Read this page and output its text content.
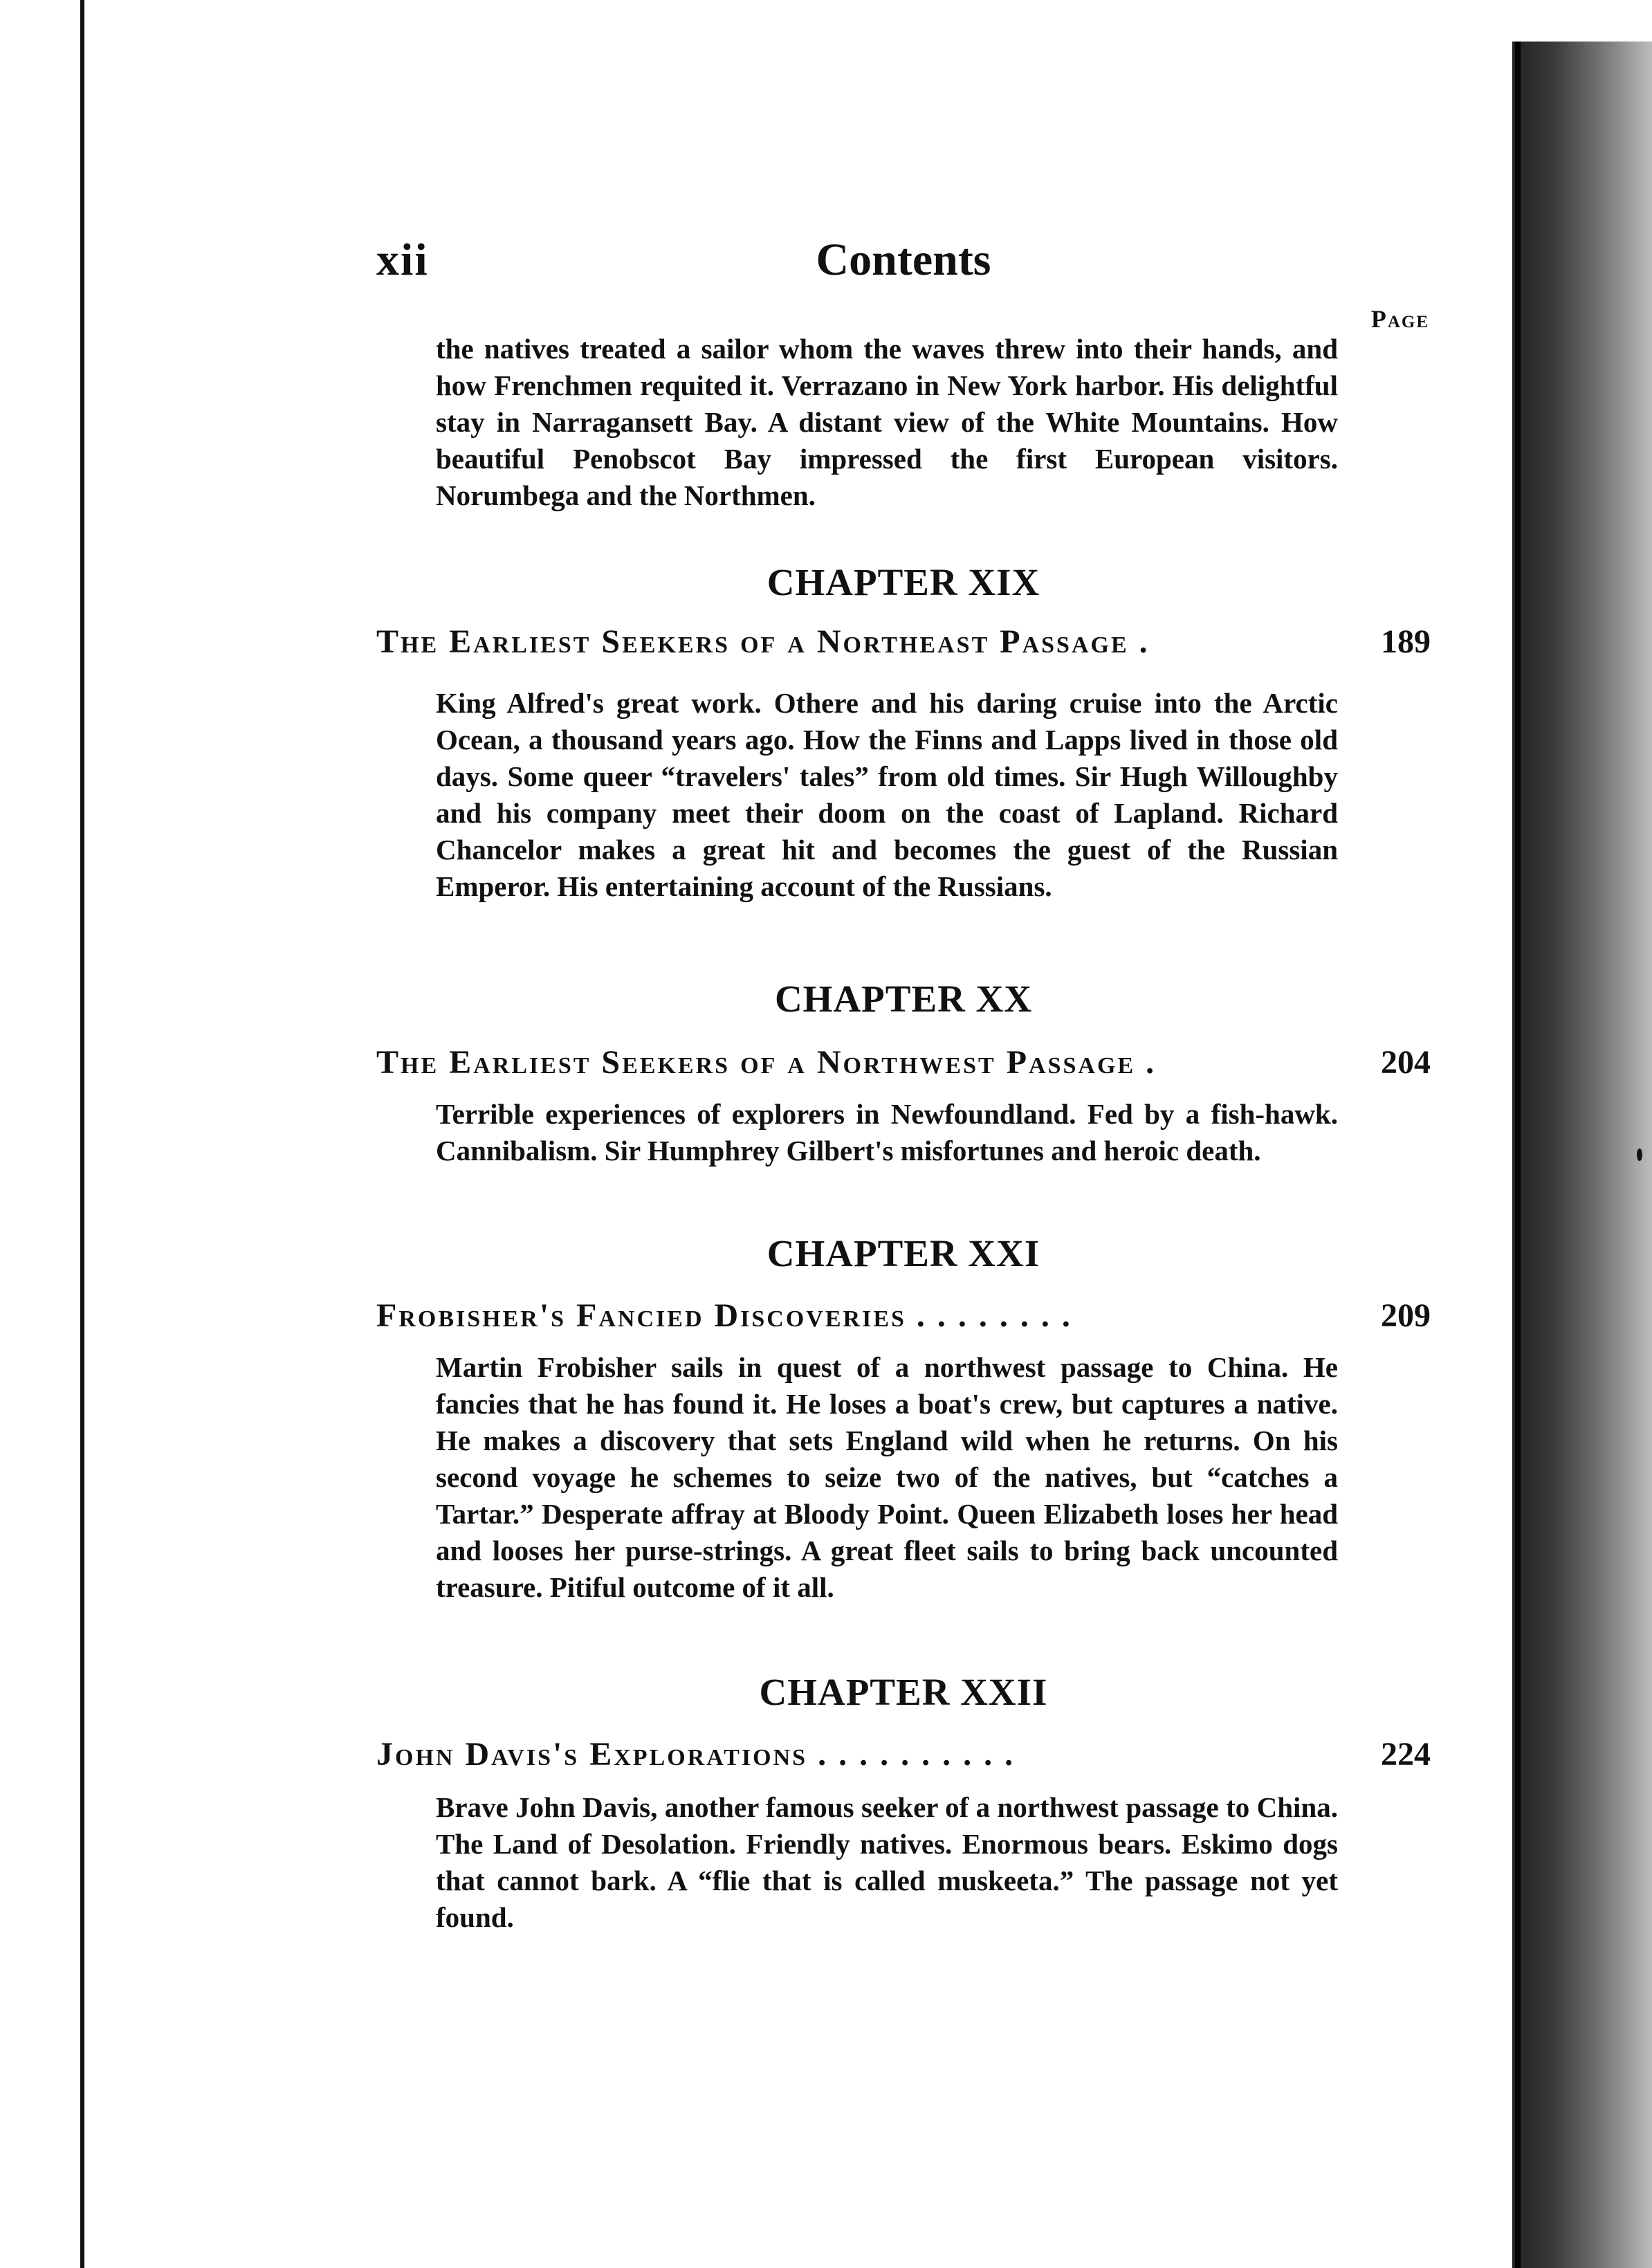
xii	Contents
Page

the natives treated a sailor whom the waves threw into their hands, and how Frenchmen requited it. Verrazano in New York harbor. His delightful stay in Narragansett Bay. A distant view of the White Mountains. How beautiful Penobscot Bay impressed the first European visitors. Norumbega and the Northmen.

CHAPTER XIX
The Earliest Seekers of a Northeast Passage .	189

King Alfred's great work. Othere and his daring cruise into the Arctic Ocean, a thousand years ago. How the Finns and Lapps lived in those old days. Some queer “travelers' tales” from old times. Sir Hugh Willoughby and his company meet their doom on the coast of Lapland. Richard Chancelor makes a great hit and becomes the guest of the Russian Emperor. His entertaining account of the Russians.

CHAPTER XX
The Earliest Seekers of a Northwest Passage .	204

Terrible experiences of explorers in Newfoundland. Fed by a fish-hawk. Cannibalism. Sir Humphrey Gilbert's misfortunes and heroic death.

CHAPTER XXI
Frobisher's Fancied Discoveries . . . . . . . .	209

Martin Frobisher sails in quest of a northwest passage to China. He fancies that he has found it. He loses a boat's crew, but captures a native. He makes a discovery that sets England wild when he returns. On his second voyage he schemes to seize two of the natives, but “catches a Tartar.” Desperate affray at Bloody Point. Queen Elizabeth loses her head and looses her purse-strings. A great fleet sails to bring back uncounted treasure. Pitiful outcome of it all.

CHAPTER XXII
John Davis's Explorations . . . . . . . . . .	224

Brave John Davis, another famous seeker of a northwest passage to China. The Land of Desolation. Friendly natives. Enormous bears. Eskimo dogs that cannot bark. A “flie that is called muskeeta.” The passage not yet found.
